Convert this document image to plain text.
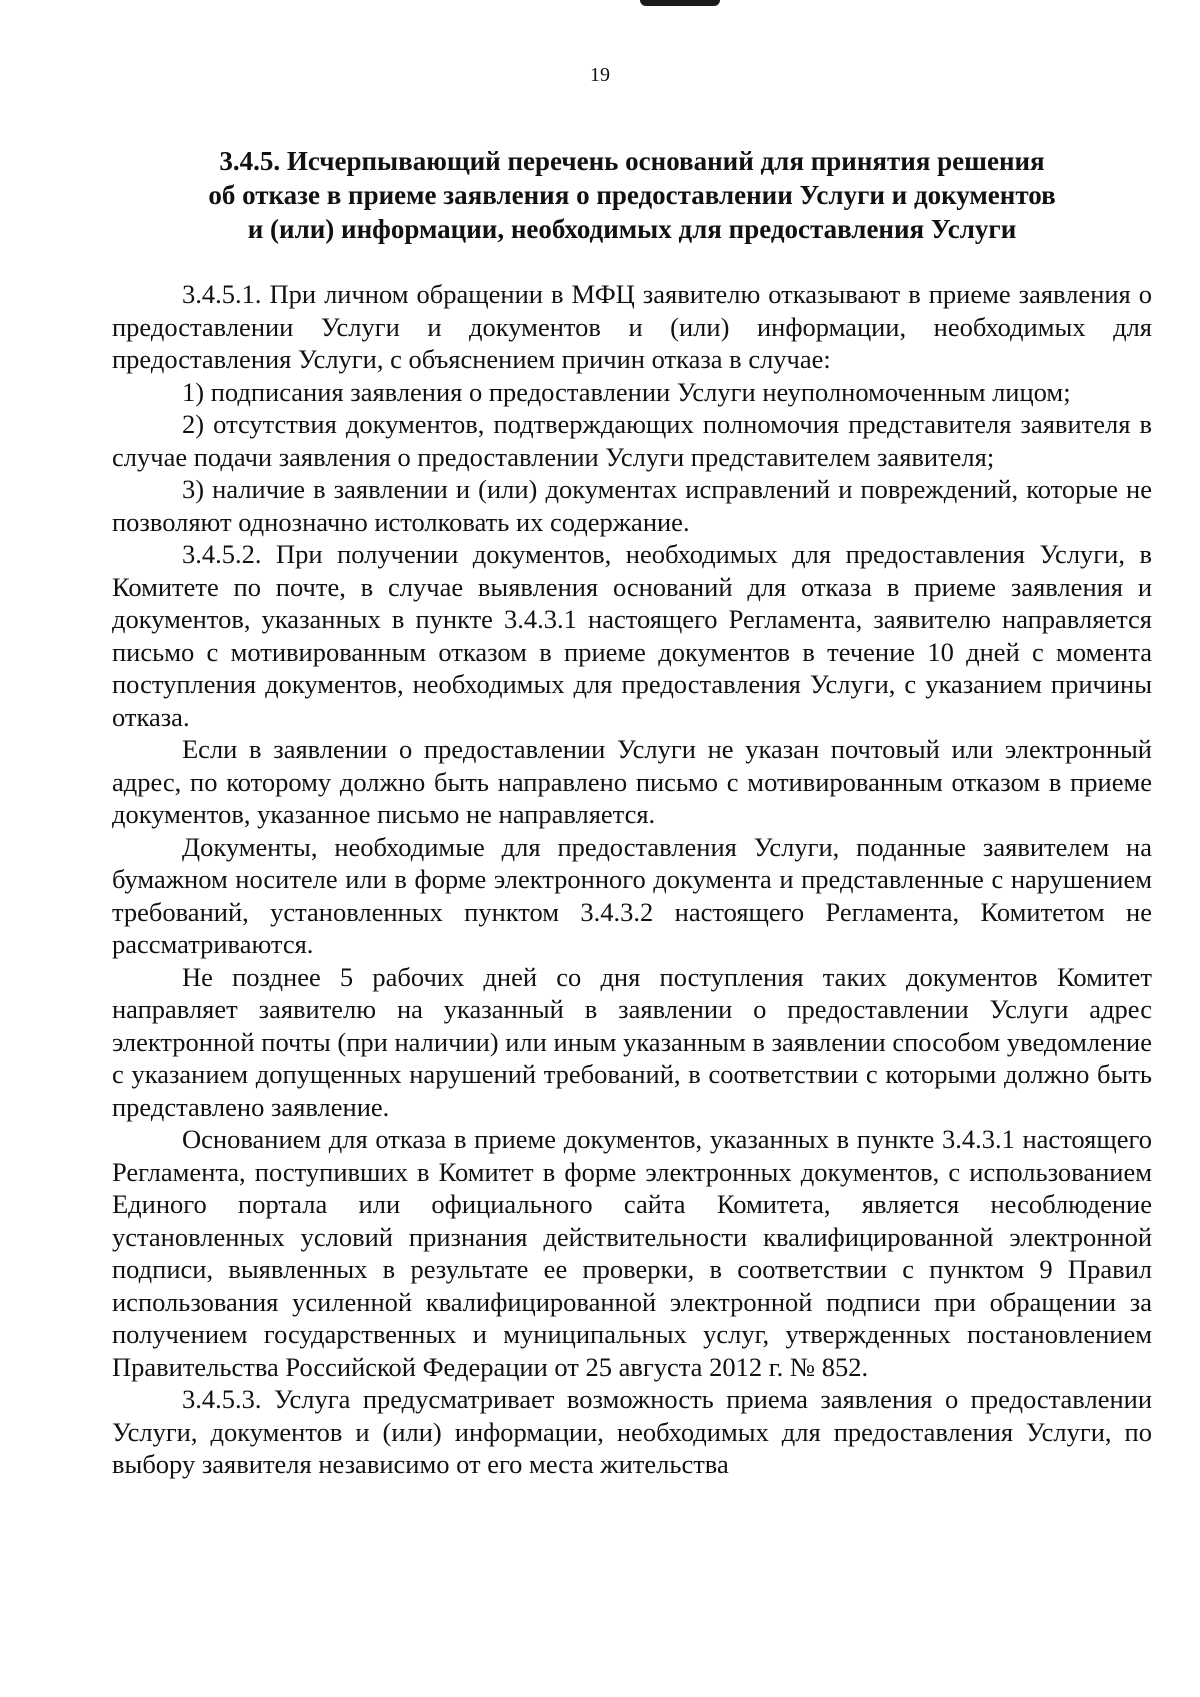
19
3.4.5. Исчерпывающий перечень оснований для принятия решения
об отказе в приеме заявления о предоставлении Услуги и документов
и (или) информации, необходимых для предоставления Услуги

3.4.5.1. При личном обращении в МФЦ заявителю отказывают в приеме заявления о предоставлении Услуги и документов и (или) информации, необходимых для предоставления Услуги, с объяснением причин отказа в случае:

1) подписания заявления о предоставлении Услуги неуполномоченным лицом;

2) отсутствия документов, подтверждающих полномочия представителя заявителя в случае подачи заявления о предоставлении Услуги представителем заявителя;

3) наличие в заявлении и (или) документах исправлений и повреждений, которые не позволяют однозначно истолковать их содержание.

3.4.5.2. При получении документов, необходимых для предоставления Услуги, в Комитете по почте, в случае выявления оснований для отказа в приеме заявления и документов, указанных в пункте 3.4.3.1 настоящего Регламента, заявителю направляется письмо с мотивированным отказом в приеме документов в течение 10 дней с момента поступления документов, необходимых для предоставления Услуги, с указанием причины отказа.

Если в заявлении о предоставлении Услуги не указан почтовый или электронный адрес, по которому должно быть направлено письмо с мотивированным отказом в приеме документов, указанное письмо не направляется.

Документы, необходимые для предоставления Услуги, поданные заявителем на бумажном носителе или в форме электронного документа и представленные с нарушением требований, установленных пунктом 3.4.3.2 настоящего Регламента, Комитетом не рассматриваются.

Не позднее 5 рабочих дней со дня поступления таких документов Комитет направляет заявителю на указанный в заявлении о предоставлении Услуги адрес электронной почты (при наличии) или иным указанным в заявлении способом уведомление с указанием допущенных нарушений требований, в соответствии с которыми должно быть представлено заявление.

Основанием для отказа в приеме документов, указанных в пункте 3.4.3.1 настоящего Регламента, поступивших в Комитет в форме электронных документов, с использованием Единого портала или официального сайта Комитета, является несоблюдение установленных условий признания действительности квалифицированной электронной подписи, выявленных в результате ее проверки, в соответствии с пунктом 9 Правил использования усиленной квалифицированной электронной подписи при обращении за получением государственных и муниципальных услуг, утвержденных постановлением Правительства Российской Федерации от 25 августа 2012 г. № 852.

3.4.5.3. Услуга предусматривает возможность приема заявления о предоставлении Услуги, документов и (или) информации, необходимых для предоставления Услуги, по выбору заявителя независимо от его места жительства
